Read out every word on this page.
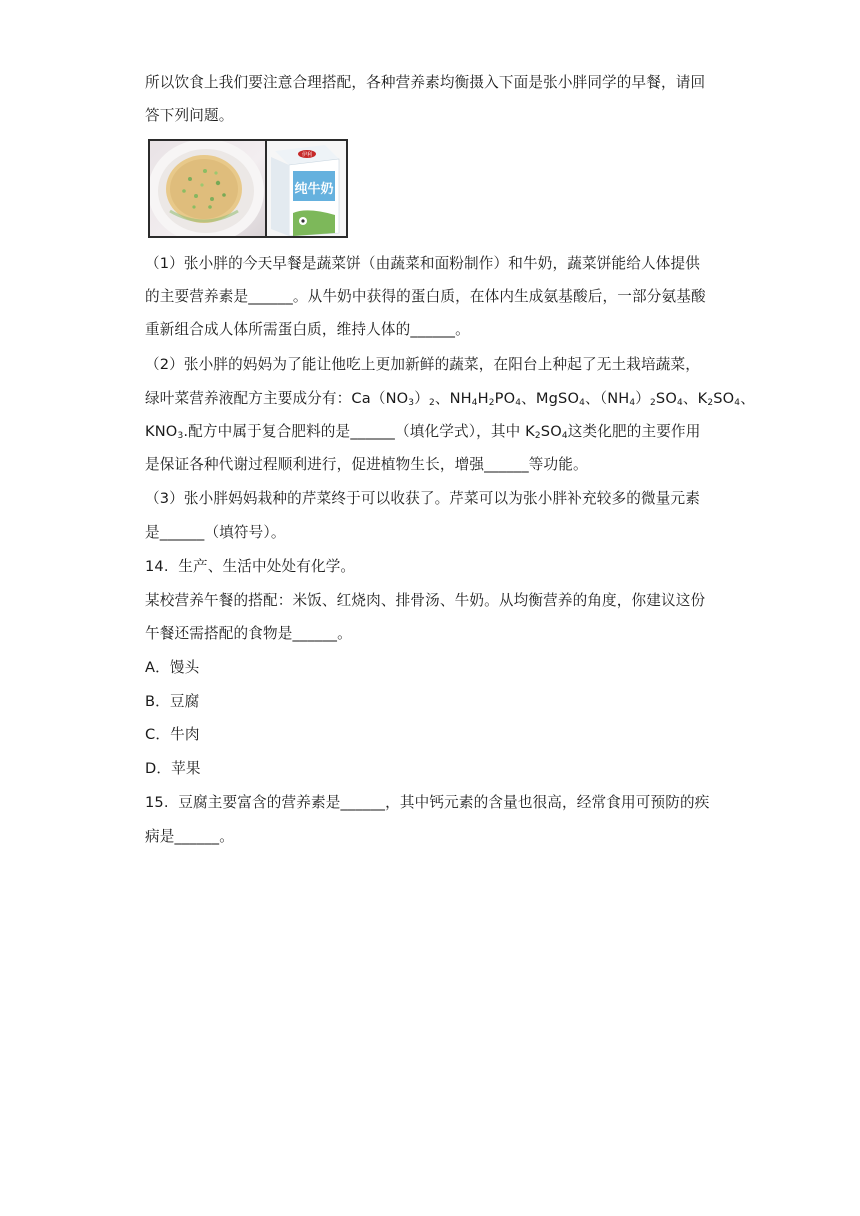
所以饮食上我们要注意合理搭配，各种营养素均衡摄入下面是张小胖同学的早餐，请回
答下列问题。
伊利
纯牛奶
（1）张小胖的今天早餐是蔬菜饼（由蔬菜和面粉制作）和牛奶，蔬菜饼能给人体提供
的主要营养素是______。从牛奶中获得的蛋白质，在体内生成氨基酸后，一部分氨基酸
重新组合成人体所需蛋白质，维持人体的______。
（2）张小胖的妈妈为了能让他吃上更加新鲜的蔬菜，在阳台上种起了无土栽培蔬菜，
绿叶菜营养液配方主要成分有：$Ca(NO_3)_2$、$NH_4H_2PO_4$、MgSO$_4$、$(NH_4)_2SO_4$、$K_2SO_4$、
$KNO_3$.配方中属于复合肥料的是______（填化学式），其中 $K_2SO_4$这类化肥的主要作用
是保证各种代谢过程顺利进行，促进植物生长，增强______等功能。
（3）张小胖妈妈栽种的芹菜终于可以收获了。芹菜可以为张小胖补充较多的微量元素
是______（填符号）。
14. 生产、生活中处处有化学。
某校营养午餐的搭配：米饭、红烧肉、排骨汤、牛奶。从均衡营养的角度，你建议这份
午餐还需搭配的食物是______。
A．馒头
B．豆腐
C．牛肉
D．苹果
15. 豆腐主要富含的营养素是______，其中钙元素的含量也很高，经常食用可预防的疾
病是______。
